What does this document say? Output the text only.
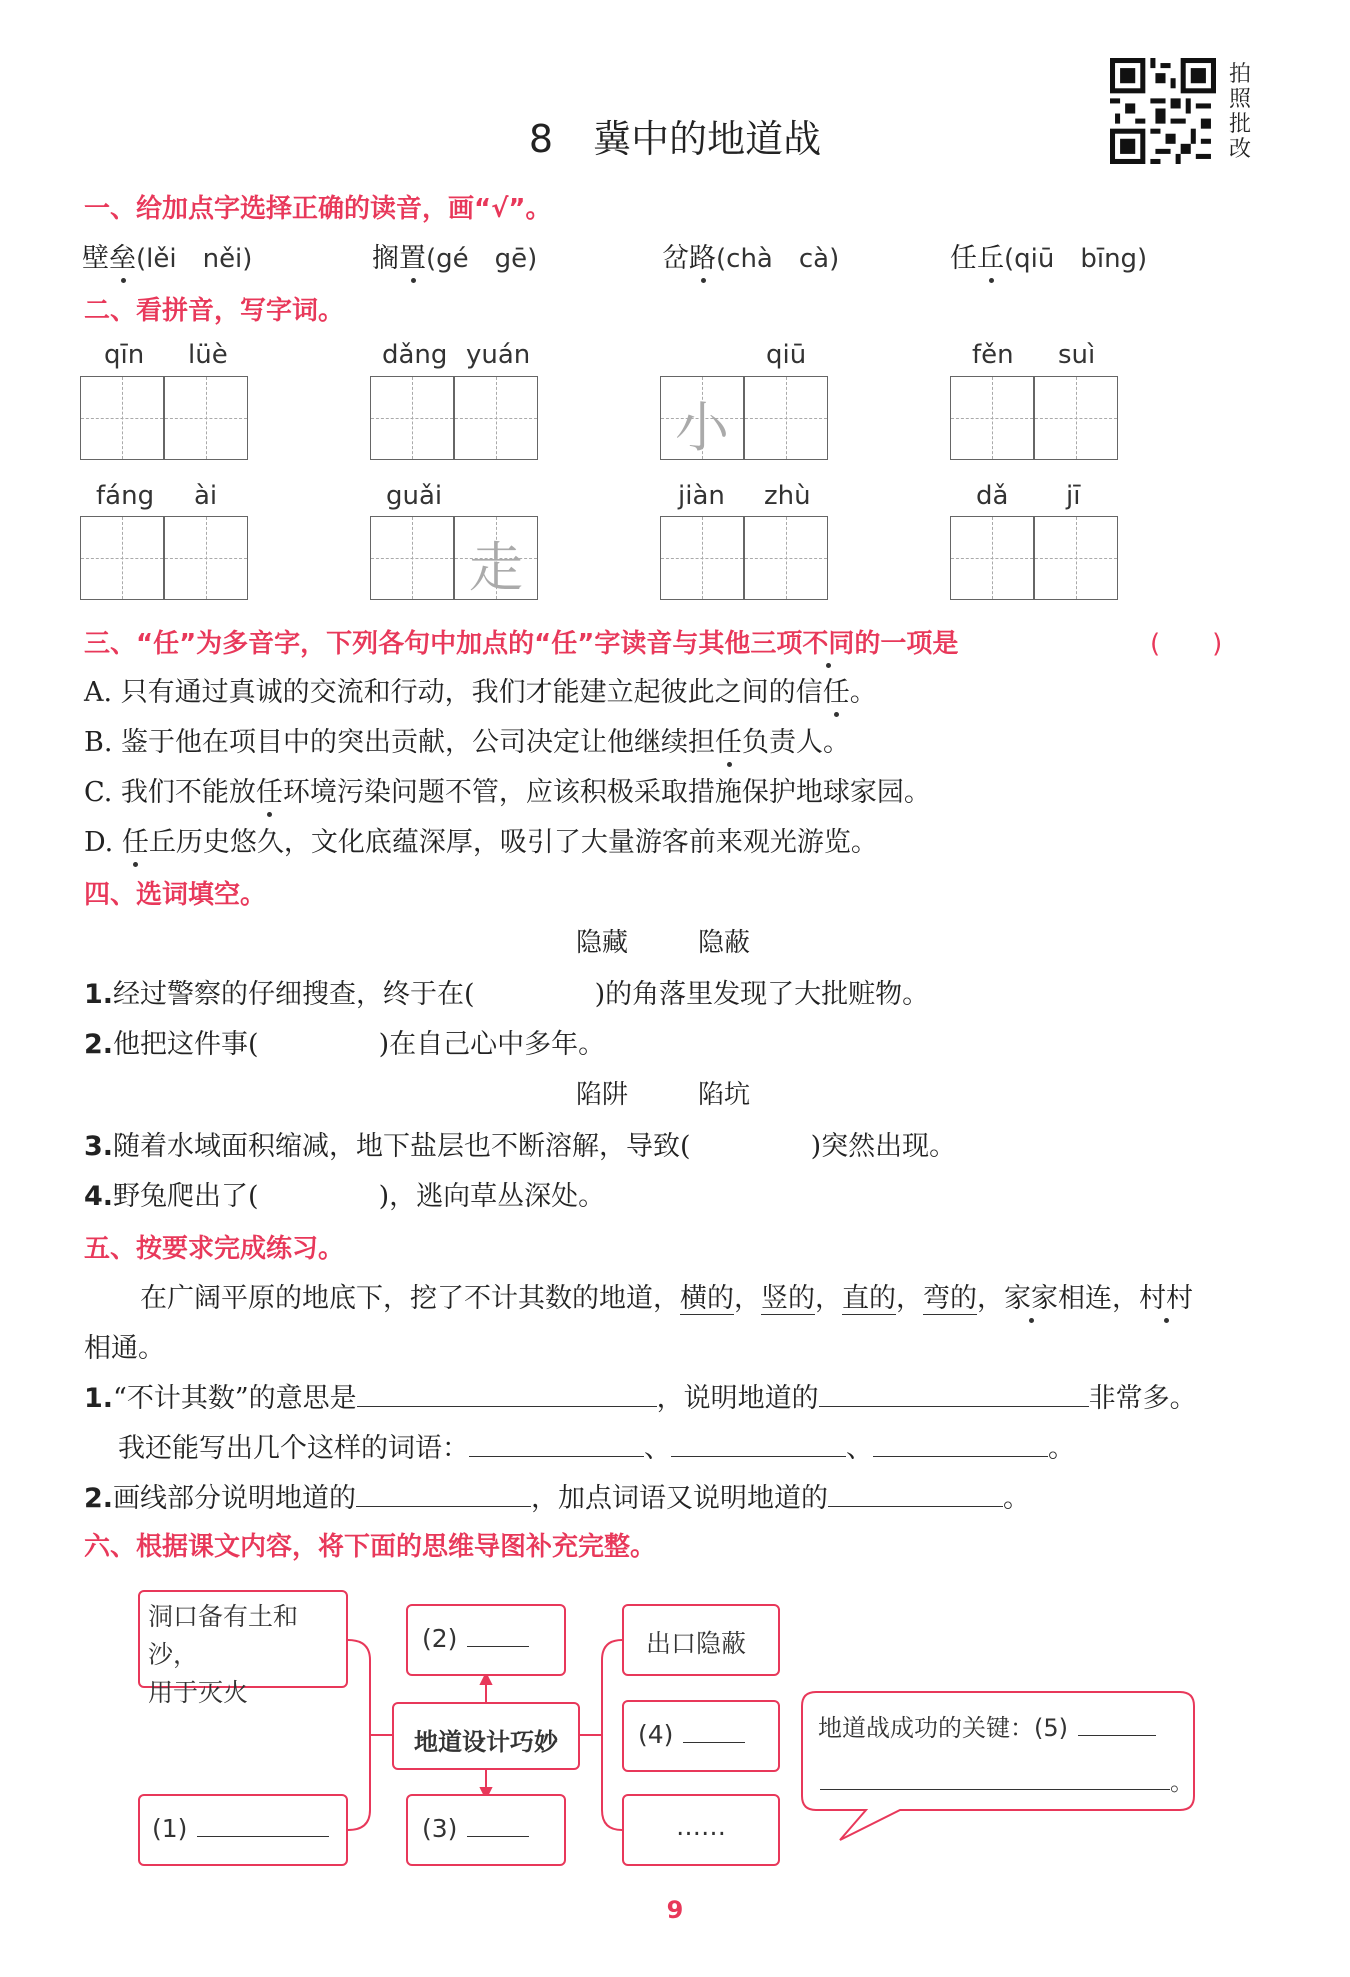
8 冀中的地道战
拍照批改
一、给加点字选择正确的读音，画“√”。
壁垒(lěi　něi)	搁置(gé　gē)	岔路(chà　cà)	任丘(qiū　bīng)
二、看拼音，写字词。
qīn lüè	dǎng yuán	qiū
小
fěn suì
fáng ài	guǎi
走
jiàn zhù	dǎ jī
三、“任”为多音字，下列各句中加点的“任”字读音与其他三项不同的一项是	(　　)
A. 只有通过真诚的交流和行动，我们才能建立起彼此之间的信任。
B. 鉴于他在项目中的突出贡献，公司决定让他继续担任负责人。
C. 我们不能放任环境污染问题不管，应该积极采取措施保护地球家园。
D. 任丘历史悠久，文化底蕴深厚，吸引了大量游客前来观光游览。
四、选词填空。
隐藏	隐蔽
1.经过警察的仔细搜查，终于在(	)的角落里发现了大批赃物。
2.他把这件事(	)在自己心中多年。
陷阱	陷坑
3.随着水域面积缩减，地下盐层也不断溶解，导致(	)突然出现。
4.野兔爬出了(	)，逃向草丛深处。
五、按要求完成练习。
在广阔平原的地底下，挖了不计其数的地道，横的，竖的，直的，弯的，家家相连，村村
相通。
1.“不计其数”的意思是	，说明地道的	非常多。
我还能写出几个这样的词语：	、	、	。
2.画线部分说明地道的	，加点词语又说明地道的	。
六、根据课文内容，将下面的思维导图补充完整。
洞口备有土和沙，
用于灭火
(2)
地道设计巧妙
(3)
(1)
出口隐蔽
(4)
……
地道战成功的关键：(5)
。
9
